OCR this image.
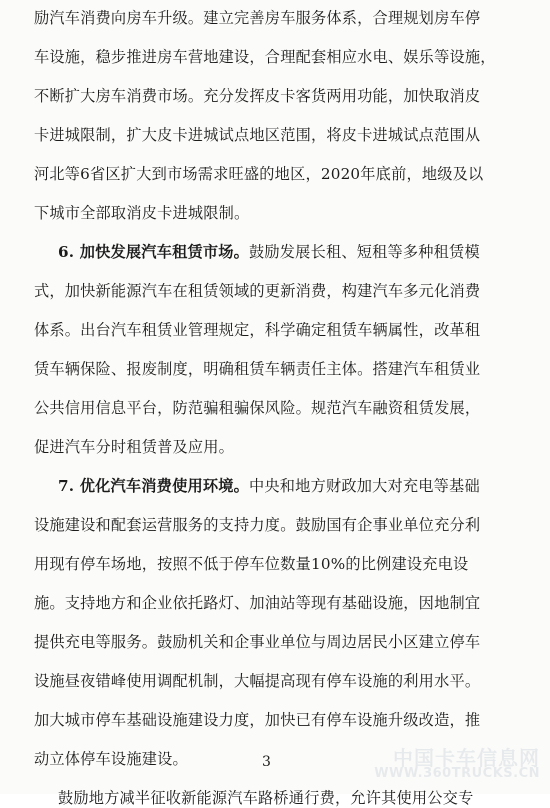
励汽车消费向房车升级。建立完善房车服务体系，合理规划房车停
车设施，稳步推进房车营地建设，合理配套相应水电、娱乐等设施，
不断扩大房车消费市场。充分发挥皮卡客货两用功能，加快取消皮
卡进城限制，扩大皮卡进城试点地区范围，将皮卡进城试点范围从
河北等6省区扩大到市场需求旺盛的地区，2020年底前，地级及以
下城市全部取消皮卡进城限制。
6. 加快发展汽车租赁市场。鼓励发展长租、短租等多种租赁模
式，加快新能源汽车在租赁领域的更新消费，构建汽车多元化消费
体系。出台汽车租赁业管理规定，科学确定租赁车辆属性，改革租
赁车辆保险、报废制度，明确租赁车辆责任主体。搭建汽车租赁业
公共信用信息平台，防范骗租骗保风险。规范汽车融资租赁发展，
促进汽车分时租赁普及应用。
7. 优化汽车消费使用环境。中央和地方财政加大对充电等基础
设施建设和配套运营服务的支持力度。鼓励国有企事业单位充分利
用现有停车场地，按照不低于停车位数量10%的比例建设充电设
施。支持地方和企业依托路灯、加油站等现有基础设施，因地制宜
提供充电等服务。鼓励机关和企事业单位与周边居民小区建立停车
设施昼夜错峰使用调配机制，大幅提高现有停车设施的利用水平。
加大城市停车基础设施建设力度，加快已有停车设施升级改造，推
动立体停车设施建设。
鼓励地方减半征收新能源汽车路桥通行费，允许其使用公交专
3	中国卡车信息网
WWW.360TRUCKS.CN
